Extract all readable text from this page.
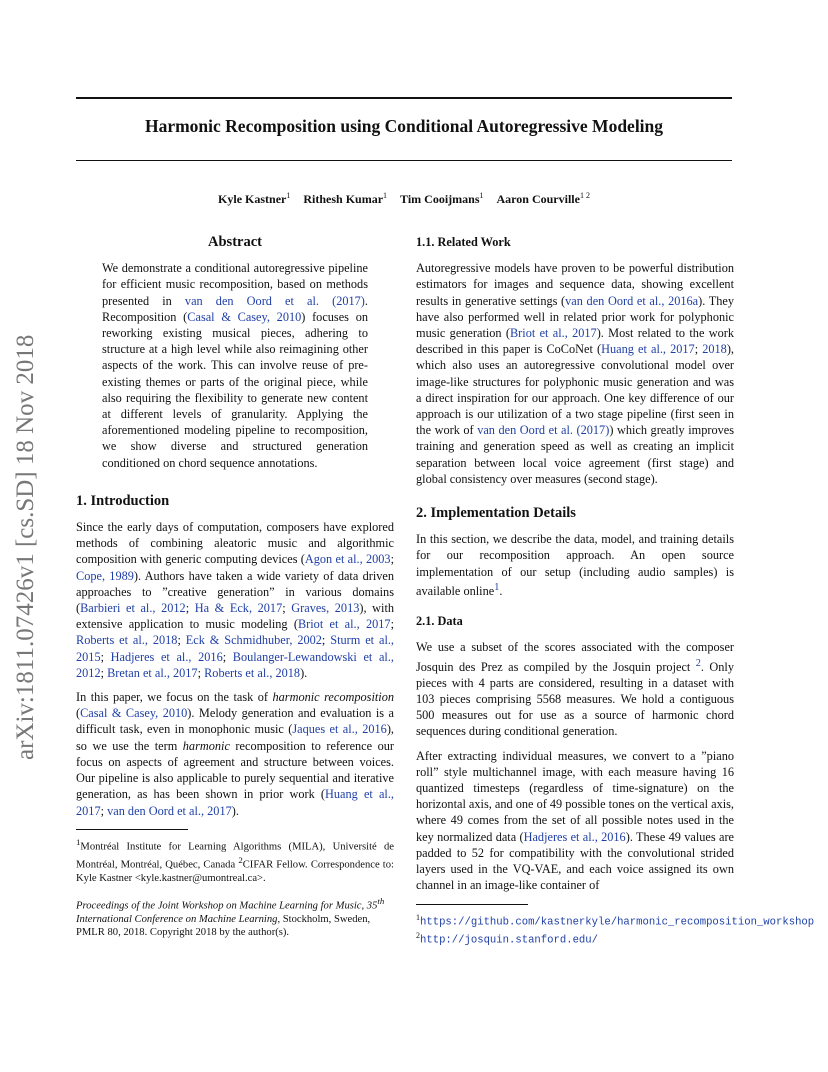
Harmonic Recomposition using Conditional Autoregressive Modeling
Kyle Kastner$^1$ Rithesh Kumar$^1$ Tim Cooijmans$^1$ Aaron Courville$^{1 2}$
arXiv:1811.07426v1 [cs.SD] 18 Nov 2018
Abstract

We demonstrate a conditional autoregressive pipeline for efficient music recomposition, based on methods presented in van den Oord et al. (2017). Recomposition (Casal & Casey, 2010) focuses on reworking existing musical pieces, adhering to structure at a high level while also reimagining other aspects of the work. This can involve reuse of pre-existing themes or parts of the original piece, while also requiring the flexibility to generate new content at different levels of granularity. Applying the aforementioned modeling pipeline to recomposition, we show diverse and structured generation conditioned on chord sequence annotations.

1. Introduction

Since the early days of computation, composers have explored methods of combining aleatoric music and algorithmic composition with generic computing devices (Agon et al., 2003; Cope, 1989). Authors have taken a wide variety of data driven approaches to ”creative generation” in various domains (Barbieri et al., 2012; Ha & Eck, 2017; Graves, 2013), with extensive application to music modeling (Briot et al., 2017; Roberts et al., 2018; Eck & Schmidhuber, 2002; Sturm et al., 2015; Hadjeres et al., 2016; Boulanger-Lewandowski et al., 2012; Bretan et al., 2017; Roberts et al., 2018).

In this paper, we focus on the task of harmonic recomposition (Casal & Casey, 2010). Melody generation and evaluation is a difficult task, even in monophonic music (Jaques et al., 2016), so we use the term harmonic recomposition to reference our focus on aspects of agreement and structure between voices. Our pipeline is also applicable to purely sequential and iterative generation, as has been shown in prior work (Huang et al., 2017; van den Oord et al., 2017).

$^1$Montréal Institute for Learning Algorithms (MILA), Université de Montréal, Montréal, Québec, Canada $^2$CIFAR Fellow. Correspondence to: Kyle Kastner <kyle.kastner@umontreal.ca>.
Proceedings of the Joint Workshop on Machine Learning for Music, 35th International Conference on Machine Learning, Stockholm, Sweden, PMLR 80, 2018. Copyright 2018 by the author(s).
1.1. Related Work

Autoregressive models have proven to be powerful distribution estimators for images and sequence data, showing excellent results in generative settings (van den Oord et al., 2016a). They have also performed well in related prior work for polyphonic music generation (Briot et al., 2017). Most related to the work described in this paper is CoCoNet (Huang et al., 2017; 2018), which also uses an autoregressive convolutional model over image-like structures for polyphonic music generation and was a direct inspiration for our approach. One key difference of our approach is our utilization of a two stage pipeline (first seen in the work of van den Oord et al. (2017)) which greatly improves training and generation speed as well as creating an implicit separation between local voice agreement (first stage) and global consistency over measures (second stage).

2. Implementation Details

In this section, we describe the data, model, and training details for our recomposition approach. An open source implementation of our setup (including audio samples) is available online$^1$.

2.1. Data

We use a subset of the scores associated with the composer Josquin des Prez as compiled by the Josquin project $^2$. Only pieces with 4 parts are considered, resulting in a dataset with 103 pieces comprising 5568 measures. We hold a contiguous 500 measures out for use as a source of harmonic chord sequences during conditional generation.

After extracting individual measures, we convert to a ”piano roll” style multichannel image, with each measure having 16 quantized timesteps (regardless of time-signature) on the horizontal axis, and one of 49 possible tones on the vertical axis, where 49 comes from the set of all possible notes used in the key normalized data (Hadjeres et al., 2016). These 49 values are padded to 52 for compatibility with the convolutional strided layers used in the VQ-VAE, and each voice assigned its own channel in an image-like container of

$^1$https://github.com/kastnerkyle/harmonic_recomposition_workshop
$^2$http://josquin.stanford.edu/
